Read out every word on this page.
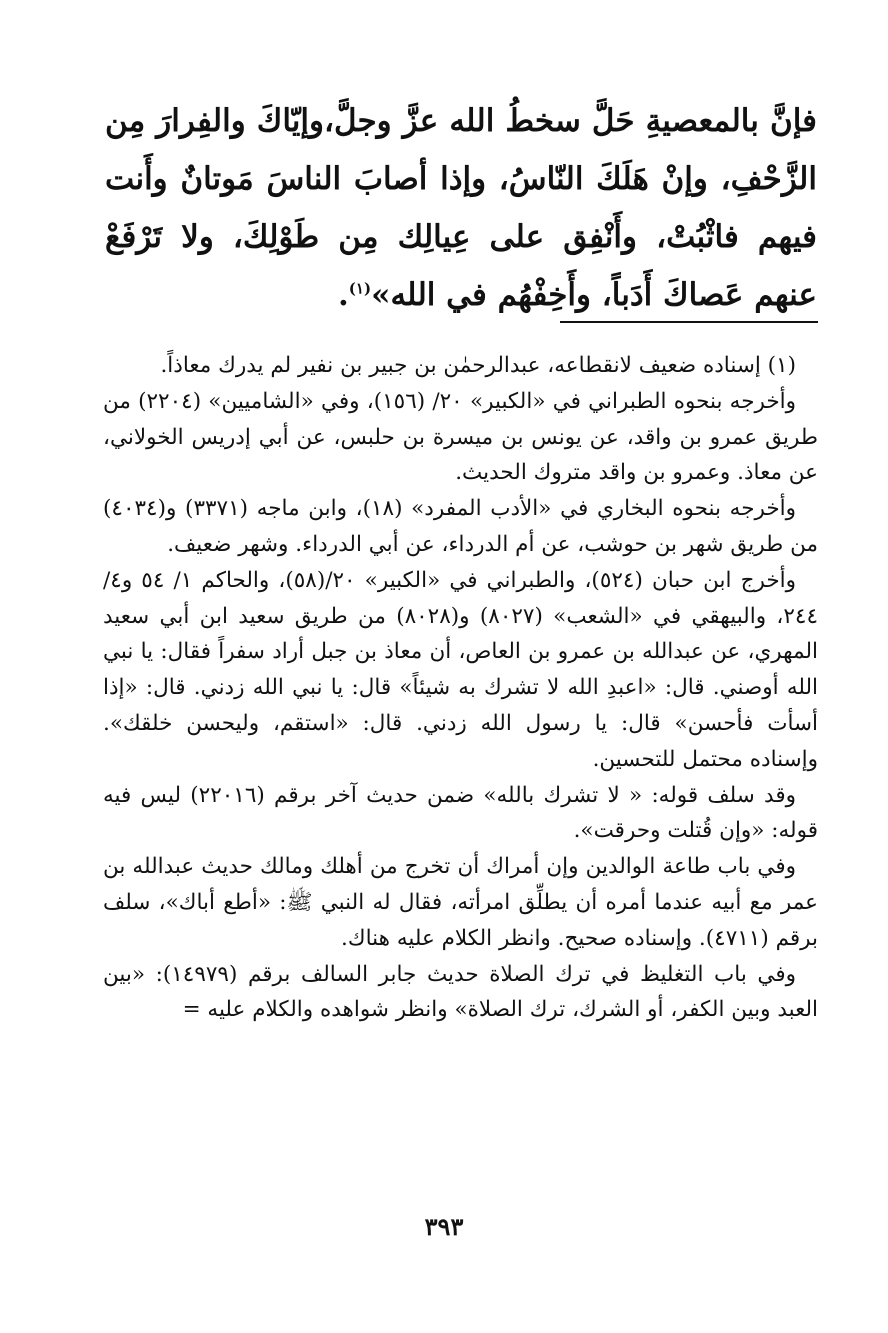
فإنَّ بالمعصيةِ حَلَّ سخطُ الله عزَّ وجلَّ،وإيّاكَ والفِرارَ مِن الزَّحْفِ، وإنْ هَلَكَ النّاسُ، وإذا أصابَ الناسَ مَوتانٌ وأَنت فيهم فاثْبُتْ، وأَنْفِق على عِيالِك مِن طَوْلِكَ، ولا تَرْفَعْ عنهم عَصاكَ أَدَباً، وأَخِفْهُم في الله»$^{(١)}$.

(١) إسناده ضعيف لانقطاعه، عبدالرحمٰن بن جبير بن نفير لم يدرك معاذاً.

وأخرجه بنحوه الطبراني في «الكبير» ٢٠/ (١٥٦)، وفي «الشاميين» (٢٢٠٤) من طريق عمرو بن واقد، عن يونس بن ميسرة بن حلبس، عن أبي إدريس الخولاني، عن معاذ. وعمرو بن واقد متروك الحديث.

وأخرجه بنحوه البخاري في «الأدب المفرد» (١٨)، وابن ماجه (٣٣٧١) و(٤٠٣٤) من طريق شهر بن حوشب، عن أم الدرداء، عن أبي الدرداء. وشهر ضعيف.

وأخرج ابن حبان (٥٢٤)، والطبراني في «الكبير» ٢٠/(٥٨)، والحاكم ١/ ٥٤ و٤/ ٢٤٤، والبيهقي في «الشعب» (٨٠٢٧) و(٨٠٢٨) من طريق سعيد ابن أبي سعيد المهري، عن عبدالله بن عمرو بن العاص، أن معاذ بن جبل أراد سفراً فقال: يا نبي الله أوصني. قال: «اعبدِ الله لا تشرك به شيئاً» قال: يا نبي الله زدني. قال: «إذا أسأت فأحسن» قال: يا رسول الله زدني. قال: «استقم، وليحسن خلقك». وإسناده محتمل للتحسين.

وقد سلف قوله: « لا تشرك بالله» ضمن حديث آخر برقم (٢٢٠١٦) ليس فيه قوله: «وإن قُتلت وحرقت».

وفي باب طاعة الوالدين وإن أمراك أن تخرج من أهلك ومالك حديث عبدالله بن عمر مع أبيه عندما أمره أن يطلِّق امرأته، فقال له النبي ﷺ: «أطع أباك»، سلف برقم (٤٧١١). وإسناده صحيح. وانظر الكلام عليه هناك.

وفي باب التغليظ في ترك الصلاة حديث جابر السالف برقم (١٤٩٧٩): «بين العبد وبين الكفر، أو الشرك، ترك الصلاة» وانظر شواهده والكلام عليه =

٣٩٣
